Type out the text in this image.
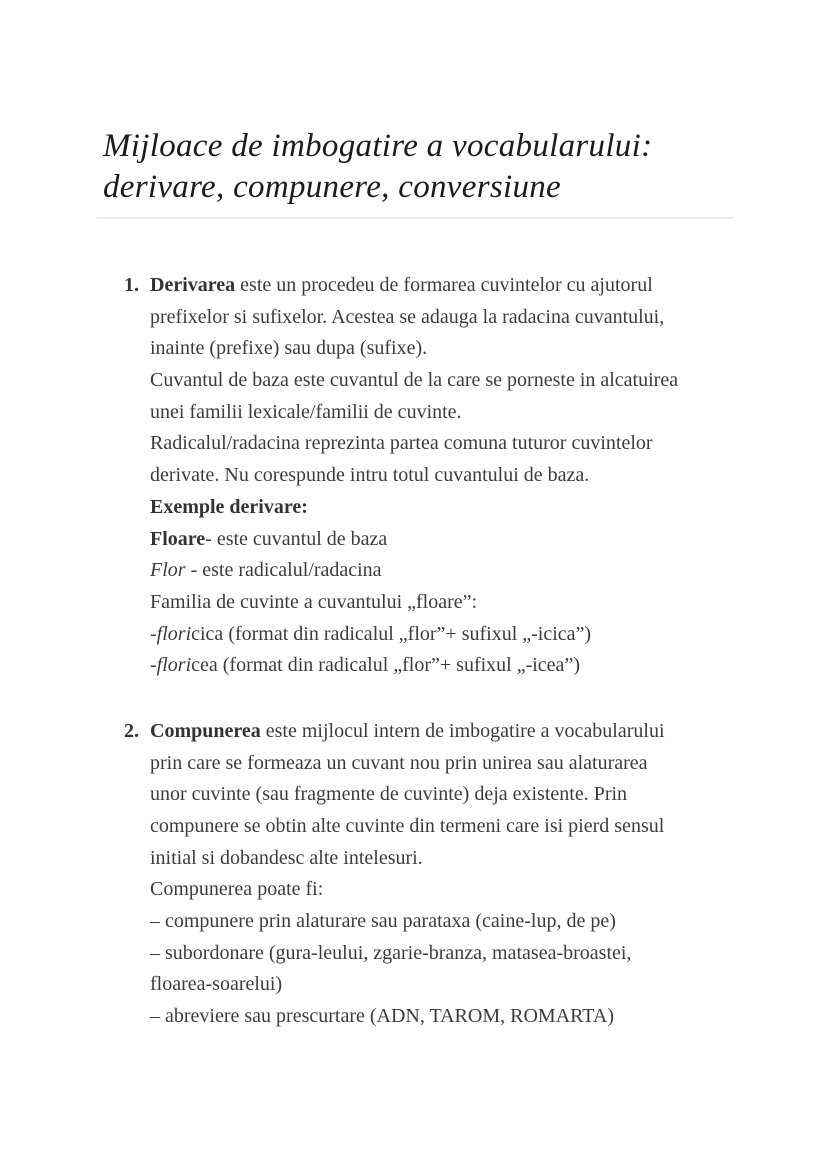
Mijloace de imbogatire a vocabularului:
derivare, compunere, conversiune
1. Derivarea este un procedeu de formarea cuvintelor cu ajutorul
prefixelor si sufixelor. Acestea se adauga la radacina cuvantului,
inainte (prefixe) sau dupa (sufixe).
Cuvantul de baza este cuvantul de la care se porneste in alcatuirea
unei familii lexicale/familii de cuvinte.
Radicalul/radacina reprezinta partea comuna tuturor cuvintelor
derivate. Nu corespunde intru totul cuvantului de baza.
Exemple derivare:
Floare- este cuvantul de baza
Flor - este radicalul/radacina
Familia de cuvinte a cuvantului „floare”:
-floricica (format din radicalul „flor”+ sufixul „-icica”)
-floricea (format din radicalul „flor”+ sufixul „-icea”)
2. Compunerea este mijlocul intern de imbogatire a vocabularului
prin care se formeaza un cuvant nou prin unirea sau alaturarea
unor cuvinte (sau fragmente de cuvinte) deja existente. Prin
compunere se obtin alte cuvinte din termeni care isi pierd sensul
initial si dobandesc alte intelesuri.
Compunerea poate fi:
– compunere prin alaturare sau parataxa (caine-lup, de pe)
– subordonare (gura-leului, zgarie-branza, matasea-broastei,
floarea-soarelui)
– abreviere sau prescurtare (ADN, TAROM, ROMARTA)
